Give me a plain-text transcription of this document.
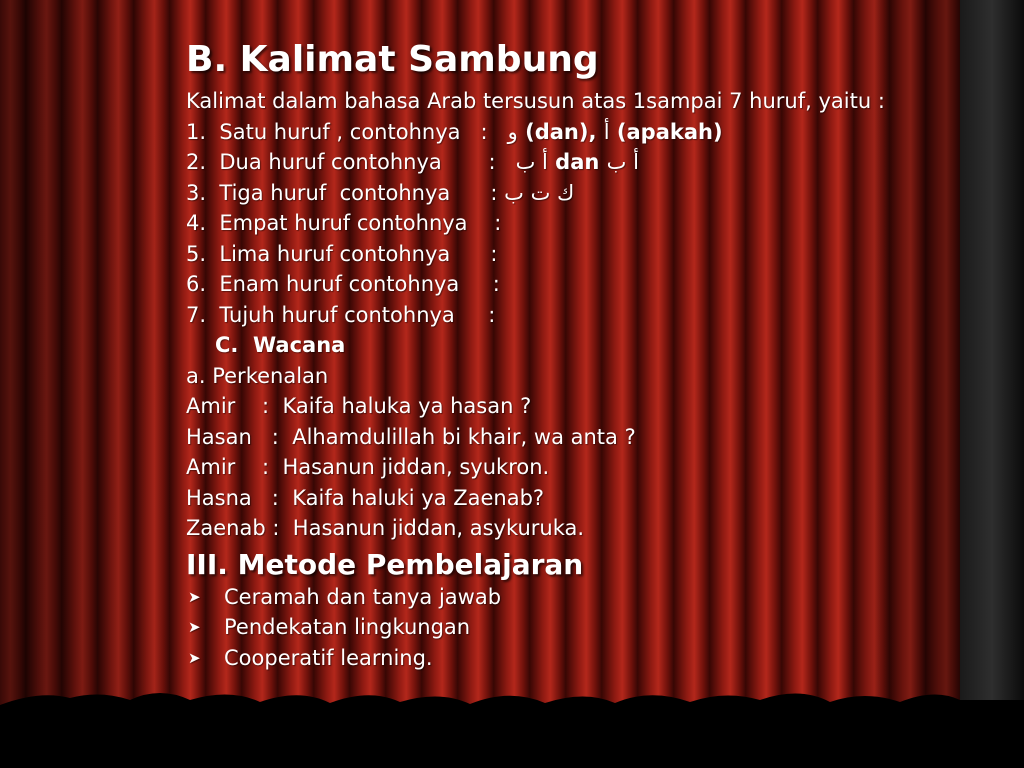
B. Kalimat Sambung
Kalimat dalam bahasa Arab tersusun atas 1sampai 7 huruf, yaitu :
1.  Satu huruf , contohnya : و (dan), أ (apakah)
2.  Dua huruf contohnya : أ ب dan أ ب
3.  Tiga huruf  contohnya : ك ت ب
4.  Empat huruf contohnya :
5.  Lima huruf contohnya :
6.  Enam huruf contohnya :
7.  Tujuh huruf contohnya :
C.  Wacana
a. Perkenalan
Amir    :  Kaifa haluka ya hasan ?
Hasan   :  Alhamdulillah bi khair, wa anta ?
Amir    :  Hasanun jiddan, syukron.
Hasna   :  Kaifa haluki ya Zaenab?
Zaenab :  Hasanun jiddan, asykuruka.
III. Metode Pembelajaran
➤ Ceramah dan tanya jawab
➤ Pendekatan lingkungan
➤ Cooperatif learning.
